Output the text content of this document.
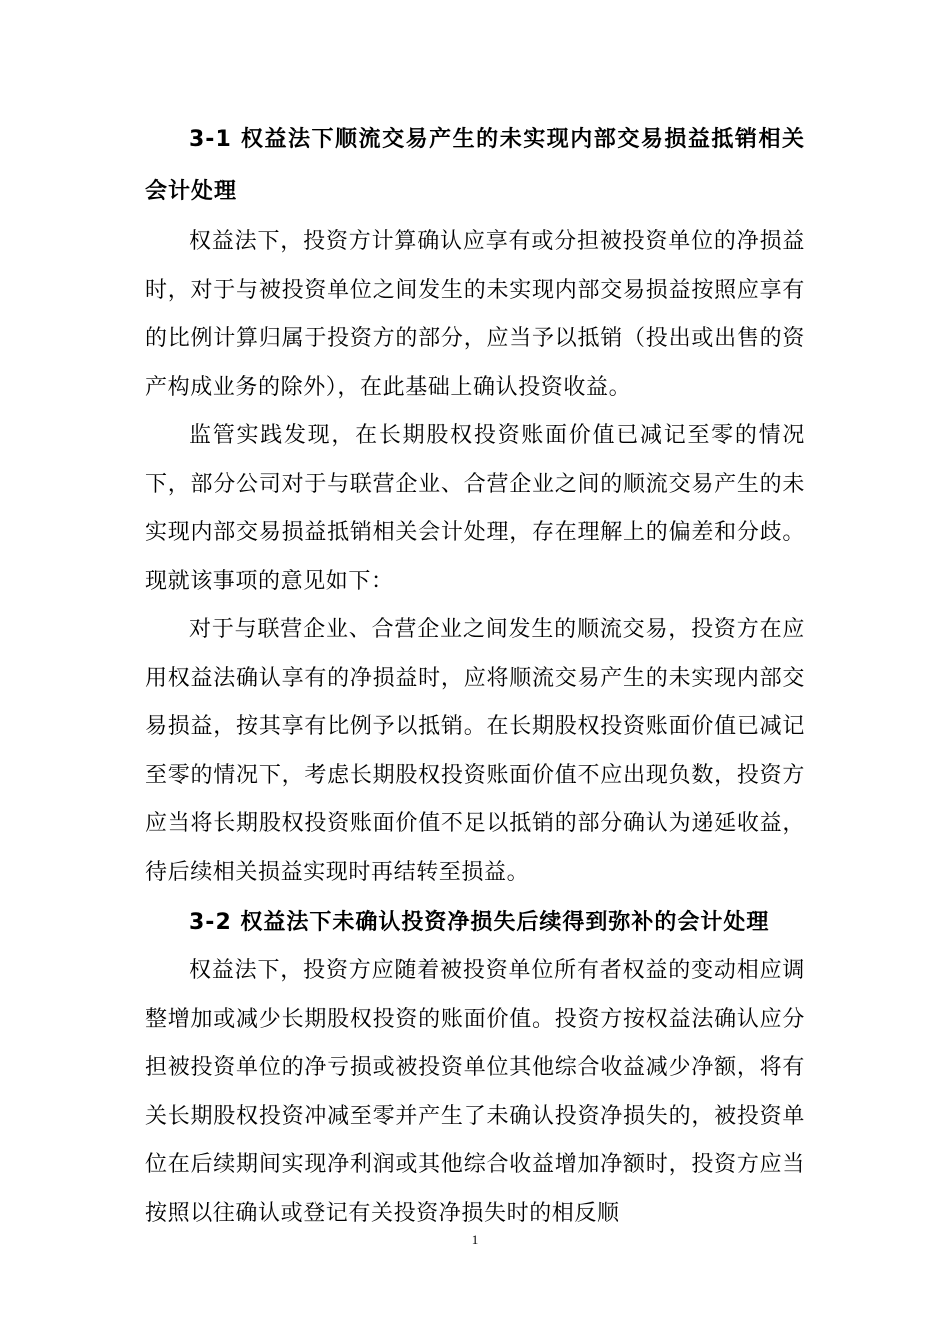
3-1 权益法下顺流交易产生的未实现内部交易损益抵销相关会计处理

权益法下，投资方计算确认应享有或分担被投资单位的净损益时，对于与被投资单位之间发生的未实现内部交易损益按照应享有的比例计算归属于投资方的部分，应当予以抵销（投出或出售的资产构成业务的除外），在此基础上确认投资收益。

监管实践发现，在长期股权投资账面价值已减记至零的情况下，部分公司对于与联营企业、合营企业之间的顺流交易产生的未实现内部交易损益抵销相关会计处理，存在理解上的偏差和分歧。现就该事项的意见如下：

对于与联营企业、合营企业之间发生的顺流交易，投资方在应用权益法确认享有的净损益时，应将顺流交易产生的未实现内部交易损益，按其享有比例予以抵销。在长期股权投资账面价值已减记至零的情况下，考虑长期股权投资账面价值不应出现负数，投资方应当将长期股权投资账面价值不足以抵销的部分确认为递延收益，待后续相关损益实现时再结转至损益。

3-2 权益法下未确认投资净损失后续得到弥补的会计处理

权益法下，投资方应随着被投资单位所有者权益的变动相应调整增加或减少长期股权投资的账面价值。投资方按权益法确认应分担被投资单位的净亏损或被投资单位其他综合收益减少净额，将有关长期股权投资冲减至零并产生了未确认投资净损失的，被投资单位在后续期间实现净利润或其他综合收益增加净额时，投资方应当按照以往确认或登记有关投资净损失时的相反顺

1
